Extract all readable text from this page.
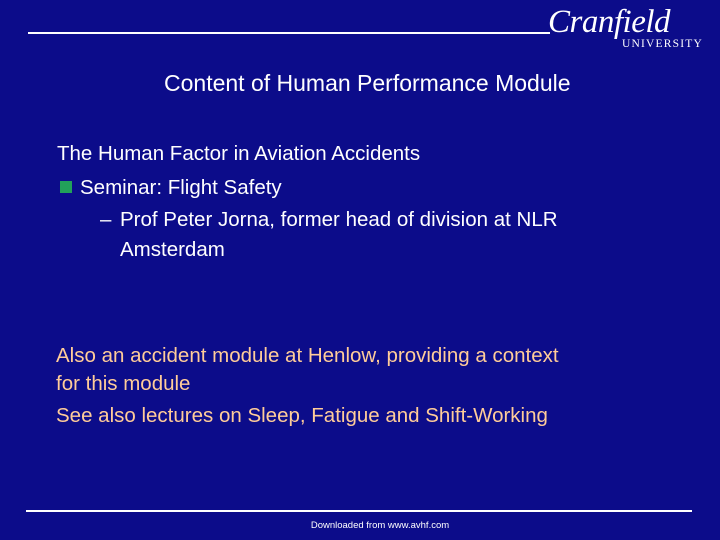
Cranfield
UNIVERSITY
Content of Human Performance Module
The Human Factor in Aviation Accidents
Seminar: Flight Safety
– Prof Peter Jorna, former head of division at NLR
Amsterdam
Also an accident module at Henlow, providing a context
for this module
See also lectures on Sleep, Fatigue and Shift-Working
Downloaded from www.avhf.com
